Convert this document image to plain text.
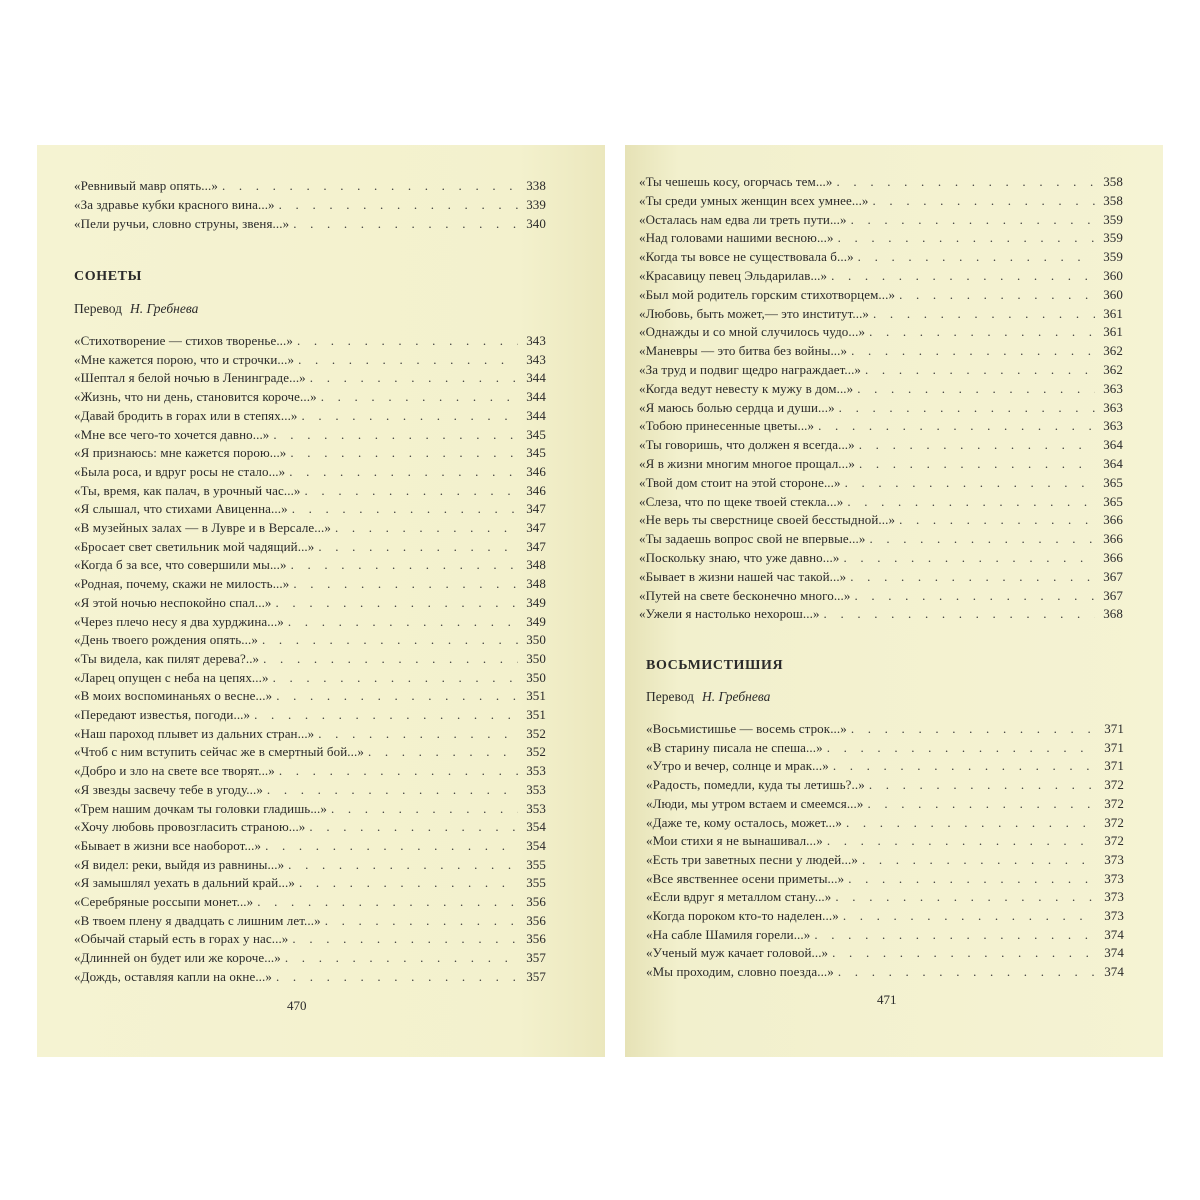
«Ревнивый мавр опять...» . . .	338
«За здравье кубки красного вина...» . . .	339
«Пели ручьи, словно струны, звеня...» . . .	340
СОНЕТЫ
Перевод Н. Гребнева
«Стихотворение — стихов творенье...» . . .	343
«Мне кажется порою, что и строчки...» . . .	343
«Шептал я белой ночью в Ленинграде...» . . .	344
«Жизнь, что ни день, становится короче...» . . .	344
«Давай бродить в горах или в степях...» . . .	344
«Мне все чего-то хочется давно...» . . .	345
«Я признаюсь: мне кажется порою...» . . .	345
«Была роса, и вдруг росы не стало...» . . .	346
«Ты, время, как палач, в урочный час...» . . .	346
«Я слышал, что стихами Авиценна...» . . .	347
«В музейных залах — в Лувре и в Версале...» . . .	347
«Бросает свет светильник мой чадящий...» . . .	347
«Когда б за все, что совершили мы...» . . .	348
«Родная, почему, скажи не милость...» . . .	348
«Я этой ночью неспокойно спал...» . . .	349
«Через плечо несу я два хурджина...» . . .	349
«День твоего рождения опять...» . . .	350
«Ты видела, как пилят дерева?..» . . .	350
«Ларец опущен с неба на цепях...» . . .	350
«В моих воспоминаньях о весне...» . . .	351
«Передают известья, погоди...» . . .	351
«Наш пароход плывет из дальних стран...» . . .	352
«Чтоб с ним вступить сейчас же в смертный бой...» . . .	352
«Добро и зло на свете все творят...» . . .	353
«Я звезды засвечу тебе в угоду...» . . .	353
«Трем нашим дочкам ты головки гладишь...» . . .	353
«Хочу любовь провозгласить страною...» . . .	354
«Бывает в жизни все наоборот...» . . .	354
«Я видел: реки, выйдя из равнины...» . . .	355
«Я замышлял уехать в дальний край...» . . .	355
«Серебряные россыпи монет...» . . .	356
«В твоем плену я двадцать с лишним лет...» . . .	356
«Обычай старый есть в горах у нас...» . . .	356
«Длинней он будет или же короче...» . . .	357
«Дождь, оставляя капли на окне...» . . .	357
470
«Ты чешешь косу, огорчась тем...» . . .	358
«Ты среди умных женщин всех умнее...» . . .	358
«Осталась нам едва ли треть пути...» . . .	359
«Над головами нашими весною...» . . .	359
«Когда ты вовсе не существовала б...» . . .	359
«Красавицу певец Эльдарилав...» . . .	360
«Был мой родитель горским стихотворцем...» . . .	360
«Любовь, быть может,— это институт...» . . .	361
«Однажды и со мной случилось чудо...» . . .	361
«Маневры — это битва без войны...» . . .	362
«За труд и подвиг щедро награждает...» . . .	362
«Когда ведут невесту к мужу в дом...» . . .	363
«Я маюсь болью сердца и души...» . . .	363
«Тобою принесенные цветы...» . . .	363
«Ты говоришь, что должен я всегда...» . . .	364
«Я в жизни многим многое прощал...» . . .	364
«Твой дом стоит на этой стороне...» . . .	365
«Слеза, что по щеке твоей стекла...» . . .	365
«Не верь ты сверстнице своей бесстыдной...» . . .	366
«Ты задаешь вопрос свой не впервые...» . . .	366
«Поскольку знаю, что уже давно...» . . .	366
«Бывает в жизни нашей час такой...» . . .	367
«Путей на свете бесконечно много...» . . .	367
«Ужели я настолько нехорош...» . . .	368
ВОСЬМИСТИШИЯ
Перевод Н. Гребнева
«Восьмистишье — восемь строк...» . . .	371
«В старину писала не спеша...» . . .	371
«Утро и вечер, солнце и мрак...» . . .	371
«Радость, помедли, куда ты летишь?..» . . .	372
«Люди, мы утром встаем и смеемся...» . . .	372
«Даже те, кому осталось, может...» . . .	372
«Мои стихи я не вынашивал...» . . .	372
«Есть три заветных песни у людей...» . . .	373
«Все явственнее осени приметы...» . . .	373
«Если вдруг я металлом стану...» . . .	373
«Когда пороком кто-то наделен...» . . .	373
«На сабле Шамиля горели...» . . .	374
«Ученый муж качает головой...» . . .	374
«Мы проходим, словно поезда...» . . .	374
471
